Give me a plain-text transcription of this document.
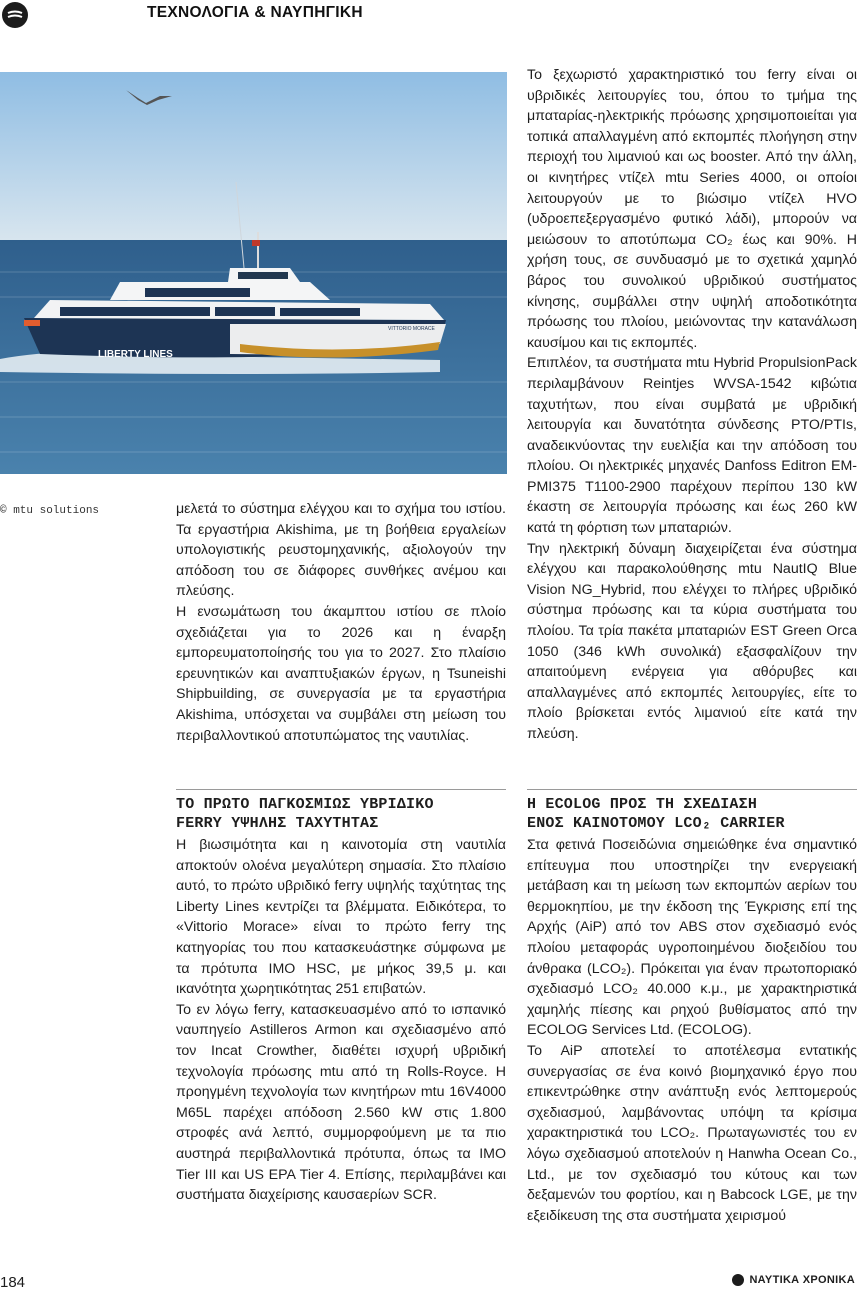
ΤΕΧΝΟΛΟΓΙΑ & ΝΑΥΠΗΓΙΚΗ
LIBERTY LINES
VITTORIO MORACE
© mtu solutions	μελετά το σύστημα ελέγχου και το σχήμα του ιστίου. Τα εργαστήρια Akishima, με τη βοήθεια εργαλείων υπολογιστικής ρευστομηχανικής, αξιολογούν την απόδοση του σε διάφορες συνθήκες ανέμου και πλεύσης.

Η ενσωμάτωση του άκαμπτου ιστίου σε πλοίο σχεδιάζεται για το 2026 και η έναρξη εμπορευματοποίησής του για το 2027. Στο πλαίσιο ερευνητικών και αναπτυξιακών έργων, η Tsuneishi Shipbuilding, σε συνεργασία με τα εργαστήρια Akishima, υπόσχεται να συμβάλει στη μείωση του περιβαλλοντικού αποτυπώματος της ναυτιλίας.

ΤΟ ΠΡΩΤΟ ΠΑΓΚΟΣΜΙΩΣ ΥΒΡΙΔΙΚΟ
FERRY ΥΨΗΛΗΣ ΤΑΧΥΤΗΤΑΣ

Η βιωσιμότητα και η καινοτομία στη ναυτιλία αποκτούν ολοένα μεγαλύτερη σημασία. Στο πλαίσιο αυτό, το πρώτο υβριδικό ferry υψηλής ταχύτητας της Liberty Lines κεντρίζει τα βλέμματα. Ειδικότερα, το «Vittorio Morace» είναι το πρώτο ferry της κατηγορίας του που κατασκευάστηκε σύμφωνα με τα πρότυπα IMO HSC, με μήκος 39,5 μ. και ικανότητα χωρητικότητας 251 επιβατών.

Το εν λόγω ferry, κατασκευασμένο από το ισπανικό ναυπηγείο Astilleros Armon και σχεδιασμένο από τον Incat Crowther, διαθέτει ισχυρή υβριδική τεχνολογία πρόωσης mtu από τη Rolls-Royce. Η προηγμένη τεχνολογία των κινητήρων mtu 16V4000 M65L παρέχει απόδοση 2.560 kW στις 1.800 στροφές ανά λεπτό, συμμορφούμενη με τα πιο αυστηρά περιβαλλοντικά πρότυπα, όπως τα IMO Tier III και US EPA Tier 4. Επίσης, περιλαμβάνει και συστήματα διαχείρισης καυσαερίων SCR.

Το ξεχωριστό χαρακτηριστικό του ferry είναι οι υβριδικές λειτουργίες του, όπου το τμήμα της μπαταρίας-ηλεκτρικής πρόωσης χρησιμοποιείται για τοπικά απαλλαγμένη από εκπομπές πλοήγηση στην περιοχή του λιμανιού και ως booster. Από την άλλη, οι κινητήρες ντίζελ mtu Series 4000, οι οποίοι λειτουργούν με το βιώσιμο ντίζελ HVO (υδροεπεξεργασμένο φυτικό λάδι), μπορούν να μειώσουν το αποτύπωμα CO₂ έως και 90%. Η χρήση τους, σε συνδυασμό με το σχετικά χαμηλό βάρος του συνολικού υβριδικού συστήματος κίνησης, συμβάλλει στην υψηλή αποδοτικότητα πρόωσης του πλοίου, μειώνοντας την κατανάλωση καυσίμου και τις εκπομπές.

Επιπλέον, τα συστήματα mtu Hybrid PropulsionPack περιλαμβάνουν Reintjes WVSA-1542 κιβώτια ταχυτήτων, που είναι συμβατά με υβριδική λειτουργία και δυνατότητα σύνδεσης PTO/PTIs, αναδεικνύοντας την ευελιξία και την απόδοση του πλοίου. Οι ηλεκτρικές μηχανές Danfoss Editron EM-PMI375 T1100-2900 παρέχουν περίπου 130 kW έκαστη σε λειτουργία πρόωσης και έως 260 kW κατά τη φόρτιση των μπαταριών.

Την ηλεκτρική δύναμη διαχειρίζεται ένα σύστημα ελέγχου και παρακολούθησης mtu NautIQ Blue Vision NG_Hybrid, που ελέγχει το πλήρες υβριδικό σύστημα πρόωσης και τα κύρια συστήματα του πλοίου. Τα τρία πακέτα μπαταριών EST Green Orca 1050 (346 kWh συνολικά) εξασφαλίζουν την απαιτούμενη ενέργεια για αθόρυβες και απαλλαγμένες από εκπομπές λειτουργίες, είτε το πλοίο βρίσκεται εντός λιμανιού είτε κατά την πλεύση.

Η ECOLOG ΠΡΟΣ ΤΗ ΣΧΕΔΙΑΣΗ
ΕΝΟΣ ΚΑΙΝΟΤΟΜΟΥ LCO₂ CARRIER

Στα φετινά Ποσειδώνια σημειώθηκε ένα σημαντικό επίτευγμα που υποστηρίζει την ενεργειακή μετάβαση και τη μείωση των εκπομπών αερίων του θερμοκηπίου, με την έκδοση της Έγκρισης επί της Αρχής (AiP) από τον ABS στον σχεδιασμό ενός πλοίου μεταφοράς υγροποιημένου διοξειδίου του άνθρακα (LCO₂). Πρόκειται για έναν πρωτοποριακό σχεδιασμό LCO₂ 40.000 κ.μ., με χαρακτηριστικά χαμηλής πίεσης και ρηχού βυθίσματος από την ECOLOG Services Ltd. (ECOLOG).

Το AiP αποτελεί το αποτέλεσμα εντατικής συνεργασίας σε ένα κοινό βιομηχανικό έργο που επικεντρώθηκε στην ανάπτυξη ενός λεπτομερούς σχεδιασμού, λαμβάνοντας υπόψη τα κρίσιμα χαρακτηριστικά του LCO₂. Πρωταγωνιστές του εν λόγω σχεδιασμού αποτελούν η Hanwha Ocean Co., Ltd., με τον σχεδιασμό του κύτους και των δεξαμενών του φορτίου, και η Babcock LGE, με την εξειδίκευση της στα συστήματα χειρισμού

184	ΝΑΥΤΙΚΑ ΧΡΟΝΙΚΑ
